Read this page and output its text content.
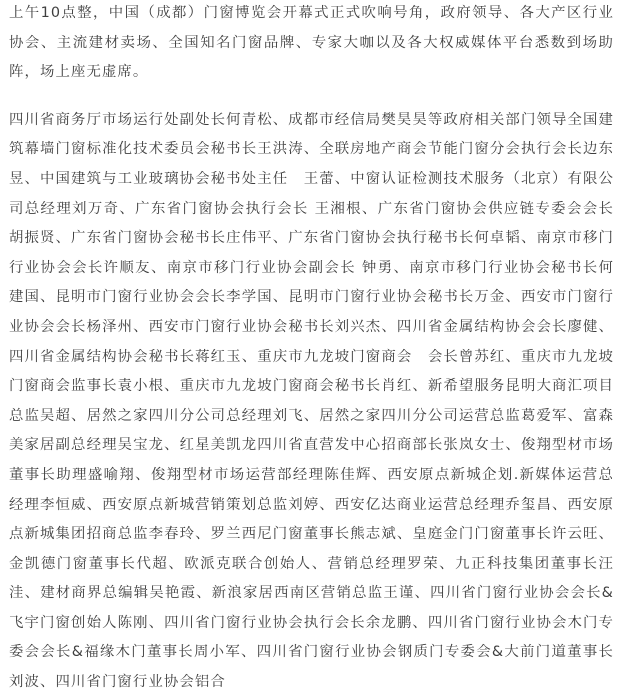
上午10点整，中国（成都）门窗博览会开幕式正式吹响号角，政府领导、各大产区行业协会、主流建材卖场、全国知名门窗品牌、专家大咖以及各大权威媒体平台悉数到场助阵，场上座无虚席。

四川省商务厅市场运行处副处长何青松、成都市经信局樊昊昊等政府相关部门领导全国建筑幕墙门窗标准化技术委员会秘书长王洪涛、全联房地产商会节能门窗分会执行会长边东昱、中国建筑与工业玻璃协会秘书处主任　王蕾、中窗认证检测技术服务（北京）有限公司总经理刘万奇、广东省门窗协会执行会长 王湘根、广东省门窗协会供应链专委会会长胡振贤、广东省门窗协会秘书长庄伟平、广东省门窗协会执行秘书长何卓韬、南京市移门行业协会会长许顺友、南京市移门行业协会副会长 钟勇、南京市移门行业协会秘书长何建国、昆明市门窗行业协会会长李学国、昆明市门窗行业协会秘书长万金、西安市门窗行业协会会长杨泽州、西安市门窗行业协会秘书长刘兴杰、四川省金属结构协会会长廖健、四川省金属结构协会秘书长蒋红玉、重庆市九龙坡门窗商会　会长曾苏红、重庆市九龙坡门窗商会监事长袁小根、重庆市九龙坡门窗商会秘书长肖红、新希望服务昆明大商汇项目总监吴超、居然之家四川分公司总经理刘飞、居然之家四川分公司运营总监葛爱军、富森美家居副总经理吴宝龙、红星美凯龙四川省直营发中心招商部长张岚女士、俊翔型材市场董事长助理盛喻翔、俊翔型材市场运营部经理陈佳辉、西安原点新城企划.新媒体运营总经理李恒威、西安原点新城营销策划总监刘婷、西安亿达商业运营总经理乔玺昌、西安原点新城集团招商总监李春玲、罗兰西尼门窗董事长熊志斌、皇庭金门门窗董事长许云旺、金凯德门窗董事长代超、欧派克联合创始人、营销总经理罗荣、九正科技集团董事长汪洼、建材商界总编辑吴艳霞、新浪家居西南区营销总监王谨、四川省门窗行业协会会长&飞宇门窗创始人陈刚、四川省门窗行业协会执行会长余龙鹏、四川省门窗行业协会木门专委会会长&福缘木门董事长周小军、四川省门窗行业协会钢质门专委会&大前门道董事长 刘波、四川省门窗行业协会铝合
